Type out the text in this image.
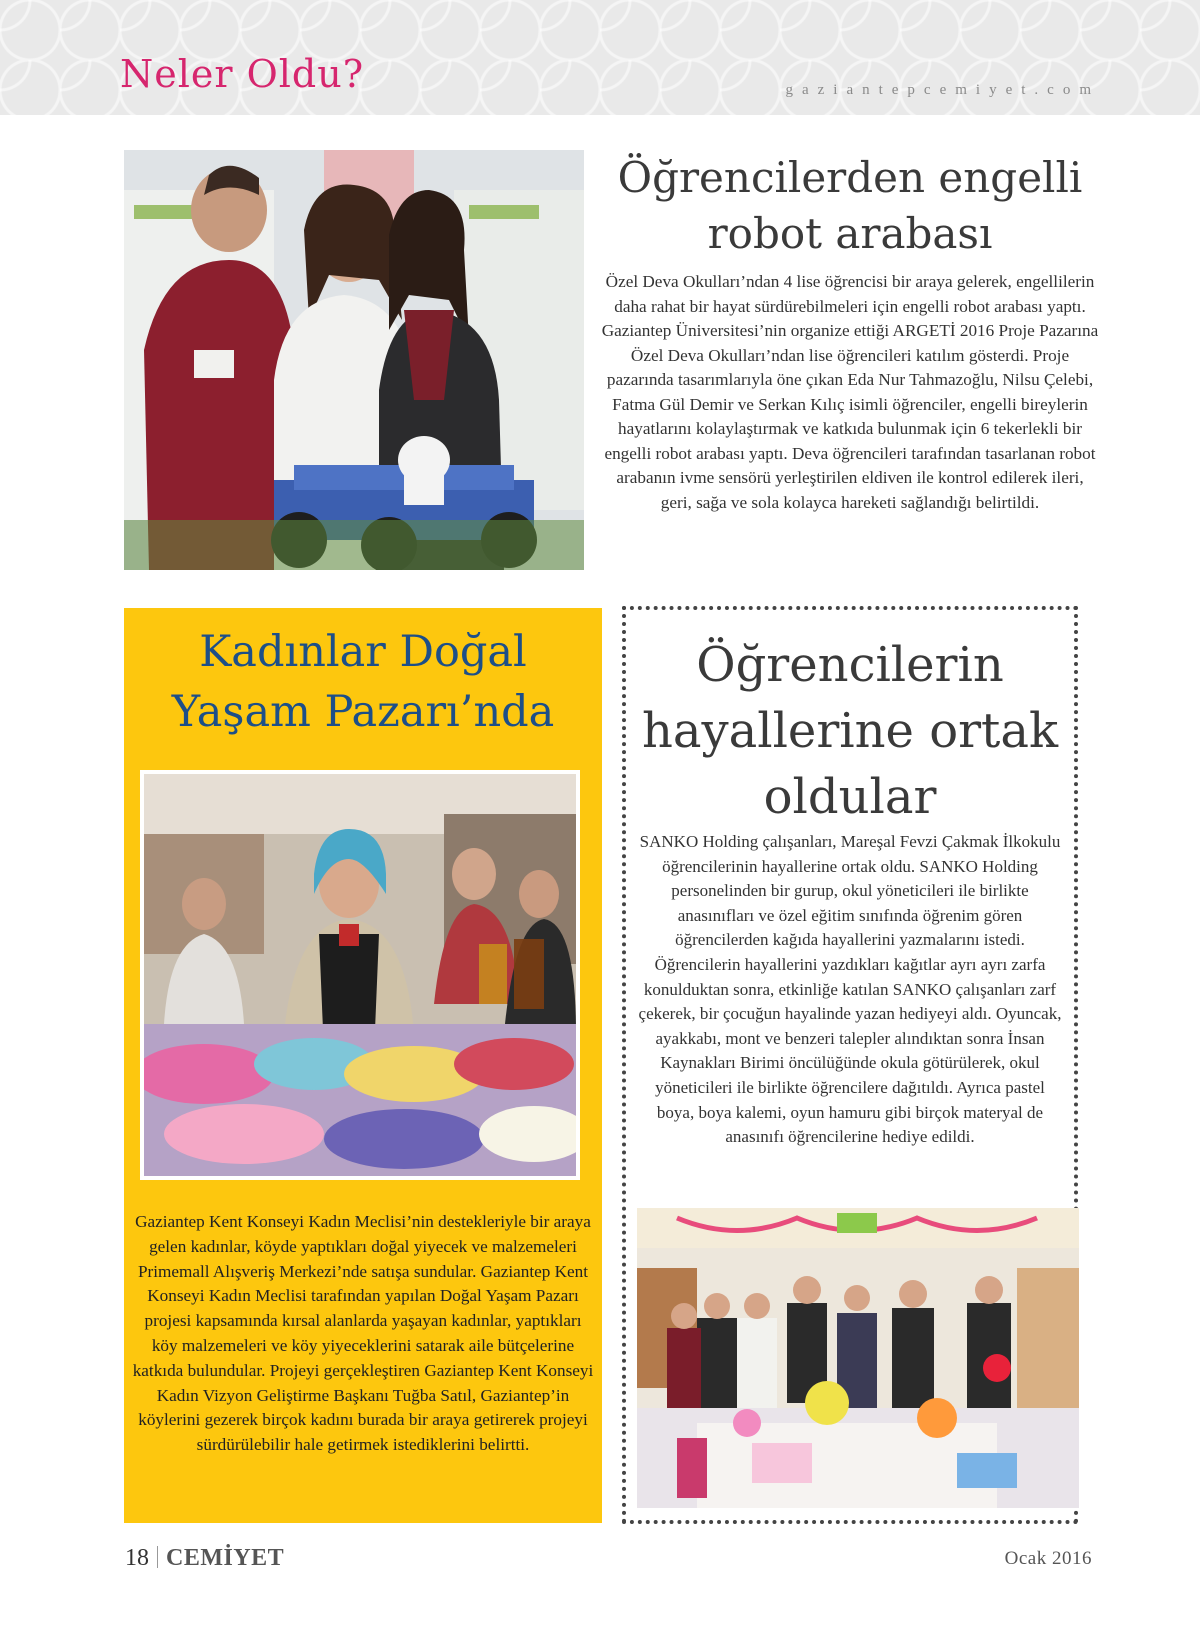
Neler Oldu?	gaziantepcemiyet.com
Öğrencilerden engelli robot arabası

Özel Deva Okulları’ndan 4 lise öğrencisi bir araya gelerek, engellilerin daha rahat bir hayat sürdürebilmeleri için engelli robot arabası yaptı. Gaziantep Üniversitesi’nin organize ettiği ARGETİ 2016 Proje Pazarına Özel Deva Okulları’ndan lise öğrencileri katılım gösterdi. Proje pazarında tasarımlarıyla öne çıkan Eda Nur Tahmazoğlu, Nilsu Çelebi, Fatma Gül Demir ve Serkan Kılıç isimli öğrenciler, engelli bireylerin hayatlarını kolaylaştırmak ve katkıda bulunmak için 6 tekerlekli bir engelli robot arabası yaptı. Deva öğrencileri tarafından tasarlanan robot arabanın ivme sensörü yerleştirilen eldiven ile kontrol edilerek ileri, geri, sağa ve sola kolayca hareketi sağlandığı belirtildi.

Kadınlar Doğal Yaşam Pazarı’nda

Gaziantep Kent Konseyi Kadın Meclisi’nin destekleriyle bir araya gelen kadınlar, köyde yaptıkları doğal yiyecek ve malzemeleri Primemall Alışveriş Merkezi’nde satışa sundular. Gaziantep Kent Konseyi Kadın Meclisi tarafından yapılan Doğal Yaşam Pazarı projesi kapsamında kırsal alanlarda yaşayan kadınlar, yaptıkları köy malzemeleri ve köy yiyeceklerini satarak aile bütçelerine katkıda bulundular. Projeyi gerçekleştiren Gaziantep Kent Konseyi Kadın Vizyon Geliştirme Başkanı Tuğba Satıl, Gaziantep’in köylerini gezerek birçok kadını burada bir araya getirerek projeyi sürdürülebilir hale getirmek istediklerini belirtti.

Öğrencilerin hayallerine ortak oldular

SANKO Holding çalışanları, Mareşal Fevzi Çakmak İlkokulu öğrencilerinin hayallerine ortak oldu. SANKO Holding personelinden bir gurup, okul yöneticileri ile birlikte anasınıfları ve özel eğitim sınıfında öğrenim gören öğrencilerden kağıda hayallerini yazmalarını istedi. Öğrencilerin hayallerini yazdıkları kağıtlar ayrı ayrı zarfa konulduktan sonra, etkinliğe katılan SANKO çalışanları zarf çekerek, bir çocuğun hayalinde yazan hediyeyi aldı. Oyuncak, ayakkabı, mont ve benzeri talepler alındıktan sonra İnsan Kaynakları Birimi öncülüğünde okula götürülerek, okul yöneticileri ile birlikte öğrencilere dağıtıldı. Ayrıca pastel boya, boya kalemi, oyun hamuru gibi birçok materyal de anasınıfı öğrencilerine hediye edildi.

18 CEMİYET	Ocak 2016
